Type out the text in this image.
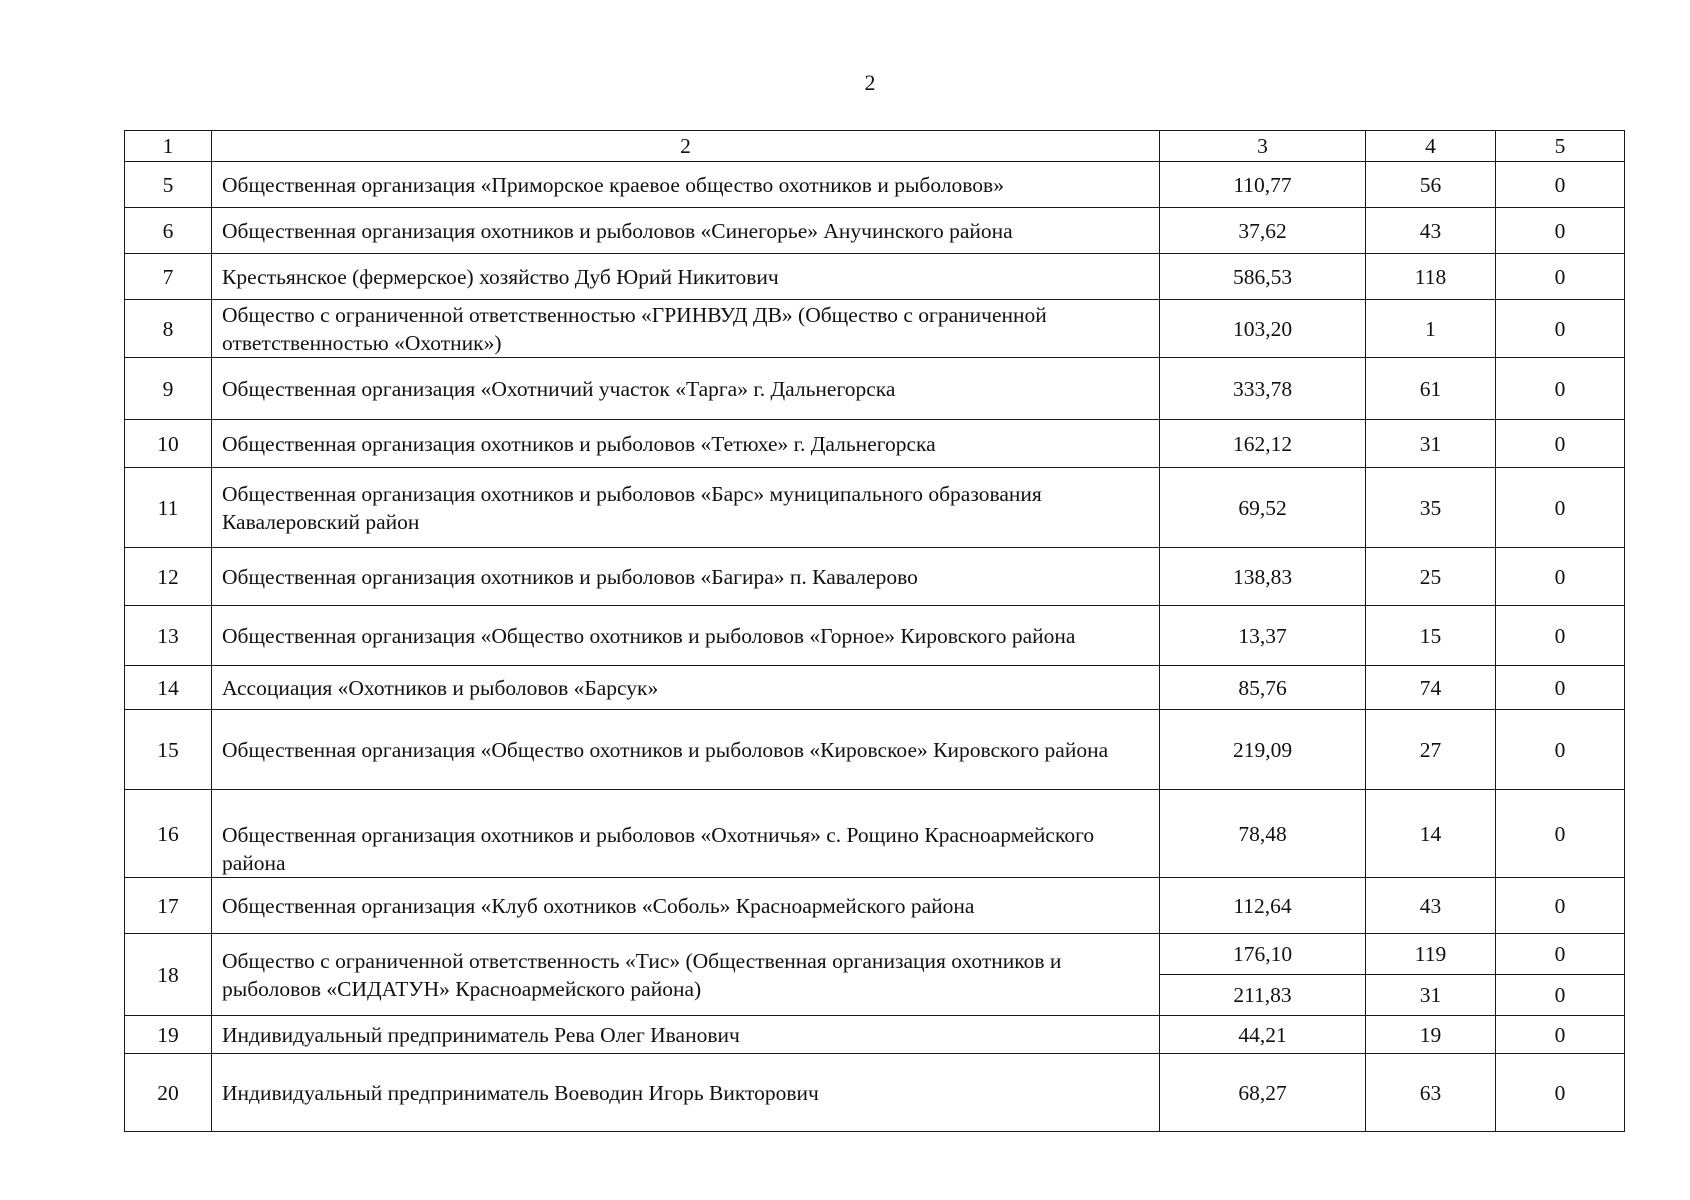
2
1	2	3	4	5
5	Общественная организация «Приморское краевое общество охотников и рыболовов»	110,77	56	0
6	Общественная организация охотников и рыболовов «Синегорье» Анучинского района	37,62	43	0
7	Крестьянское (фермерское) хозяйство Дуб Юрий Никитович	586,53	118	0
8	Общество с ограниченной ответственностью «ГРИНВУД ДВ» (Общество с ограниченной ответственностью «Охотник»)	103,20	1	0
9	Общественная организация «Охотничий участок «Тарга» г. Дальнегорска	333,78	61	0
10	Общественная организация охотников и рыболовов «Тетюхе» г. Дальнегорска	162,12	31	0
11	Общественная организация охотников и рыболовов «Барс» муниципального образования Кавалеровский район	69,52	35	0
12	Общественная организация охотников и рыболовов «Багира» п. Кавалерово	138,83	25	0
13	Общественная организация «Общество охотников и рыболовов «Горное» Кировского района	13,37	15	0
14	Ассоциация «Охотников и рыболовов «Барсук»	85,76	74	0
15	Общественная организация «Общество охотников и рыболовов «Кировское» Кировского района	219,09	27	0
16	Общественная организация охотников и рыболовов «Охотничья» с. Рощино Красноармейского района	78,48	14	0
17	Общественная организация «Клуб охотников «Соболь» Красноармейского района	112,64	43	0
18	Общество с ограниченной ответственность «Тис» (Общественная организация охотников и рыболовов «СИДАТУН» Красноармейского района)	176,10	119	0
		211,83	31	0
19	Индивидуальный предприниматель Рева Олег Иванович	44,21	19	0
20	Индивидуальный предприниматель Воеводин Игорь Викторович	68,27	63	0
